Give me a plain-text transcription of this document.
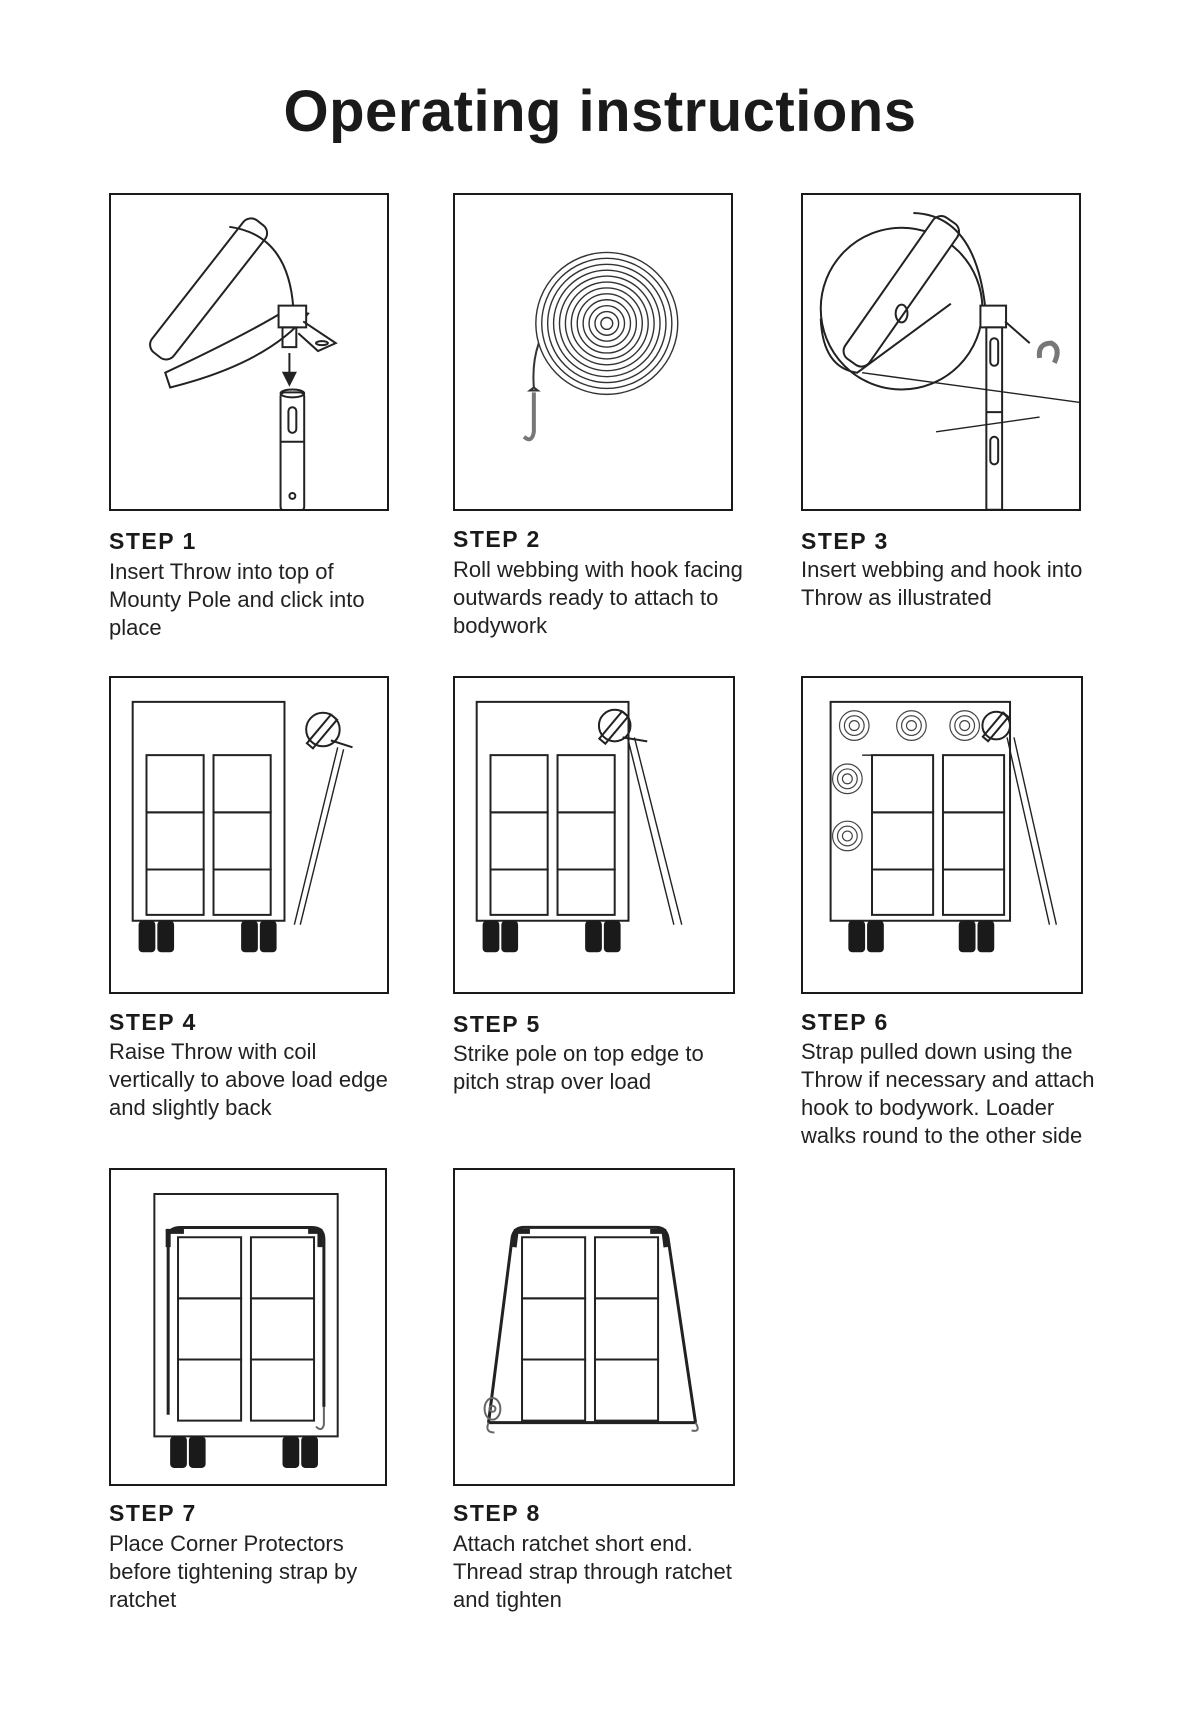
Operating instructions
STEP 1

Insert Throw into top of Mounty Pole and click into place

STEP 2

Roll webbing with hook facing outwards ready to attach to bodywork

STEP 3

Insert webbing and hook into Throw as illustrated

STEP 4

Raise Throw with coil vertically to above load edge and slightly back

STEP 5

Strike pole on top edge to pitch strap over load

STEP 6

Strap pulled down using the Throw if necessary and attach hook to bodywork. Loader walks round to the other side

STEP 7

Place Corner Protectors before tightening strap by ratchet

STEP 8

Attach ratchet short end. Thread strap through ratchet and tighten
